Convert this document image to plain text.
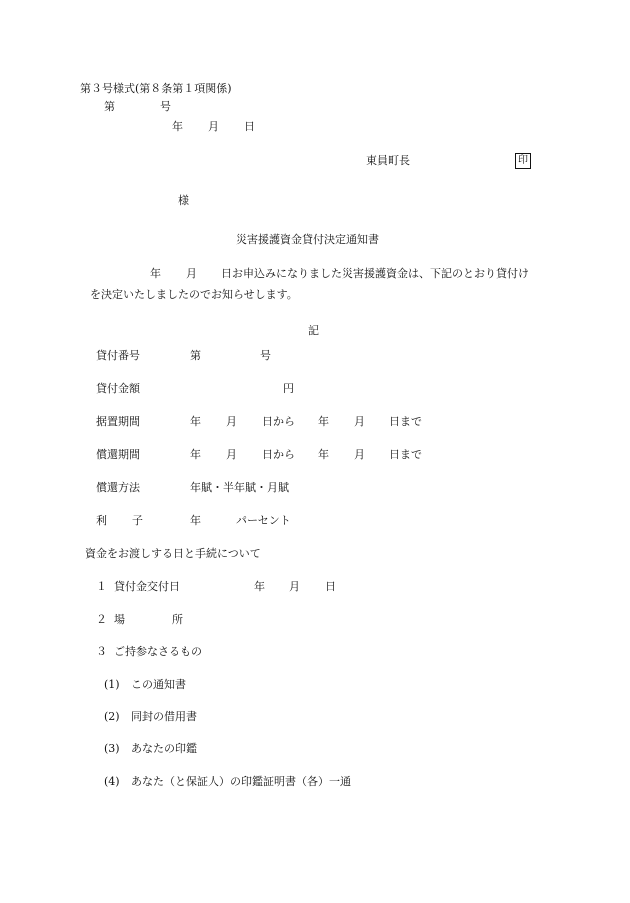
第３号様式(第８条第１項関係)
第	号
年 月 日
東員町長	印
様
災害援護資金貸付決定通知書
年 月 日お申込みになりました災害援護資金は、下記のとおり貸付け
を決定いたしましたのでお知らせします。
記
貸付番号	第	号
貸付金額	円
据置期間	年 月 日から 年 月 日まで
償還期間	年 月 日から 年 月 日まで
償還方法	年賦・半年賦・月賦
利 子	年	パーセント
資金をお渡しする日と手続について
１ 貸付金交付日	年 月 日
２ 場	所
３ ご持参なさるもの
(1) この通知書
(2) 同封の借用書
(3) あなたの印鑑
(4) あなた（と保証人）の印鑑証明書（各）一通
